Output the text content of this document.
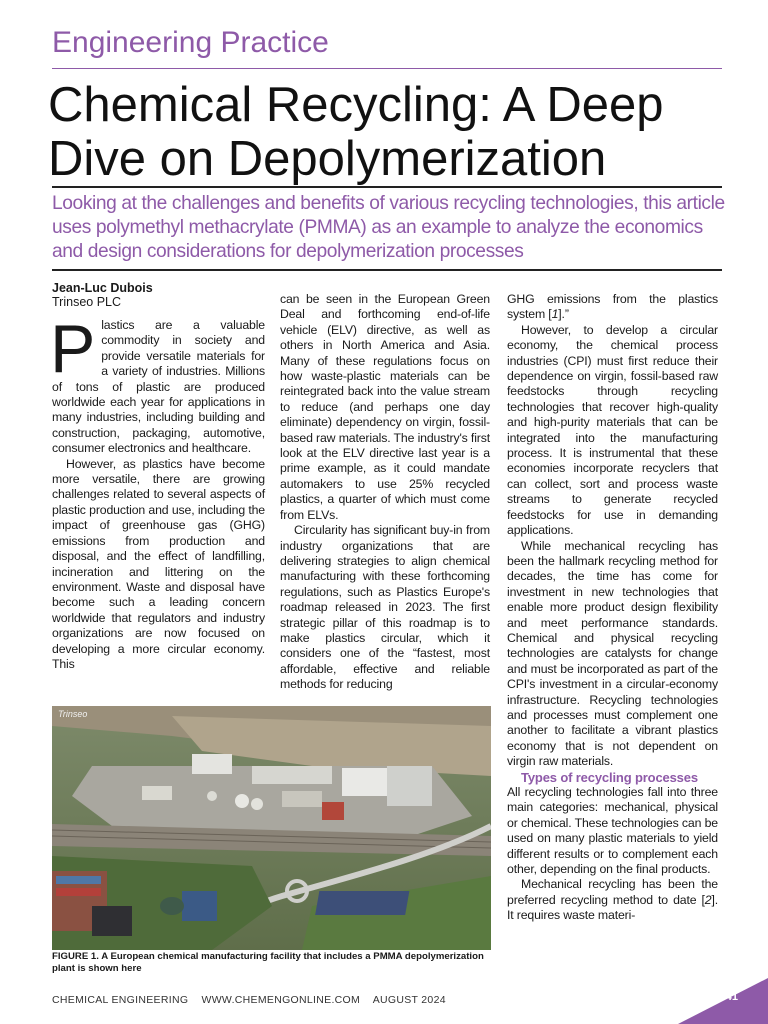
Engineering Practice
Chemical Recycling: A Deep Dive on Depolymerization
Looking at the challenges and benefits of various recycling technologies, this article uses polymethyl methacrylate (PMMA) as an example to analyze the economics and design considerations for depolymerization processes
Jean-Luc Dubois
Trinseo PLC

Plastics are a valuable commodity in society and provide versatile materials for a variety of industries. Millions of tons of plastic are produced worldwide each year for applications in many industries, including building and construction, packaging, automotive, consumer electronics and healthcare.

However, as plastics have become more versatile, there are growing challenges related to several aspects of plastic production and use, including the impact of greenhouse gas (GHG) emissions from production and disposal, and the effect of landfilling, incineration and littering on the environment. Waste and disposal have become such a leading concern worldwide that regulators and industry organizations are now focused on developing a more circular economy. This

can be seen in the European Green Deal and forthcoming end-of-life vehicle (ELV) directive, as well as others in North America and Asia. Many of these regulations focus on how waste-plastic materials can be reintegrated back into the value stream to reduce (and perhaps one day eliminate) dependency on virgin, fossil-based raw materials. The industry's first look at the ELV directive last year is a prime example, as it could mandate automakers to use 25% recycled plastics, a quarter of which must come from ELVs.

Circularity has significant buy-in from industry organizations that are delivering strategies to align chemical manufacturing with these forthcoming regulations, such as Plastics Europe's roadmap released in 2023. The first strategic pillar of this roadmap is to make plastics circular, which it considers one of the “fastest, most affordable, effective and reliable methods for reducing

GHG emissions from the plastics system [1].”

However, to develop a circular economy, the chemical process industries (CPI) must first reduce their dependence on virgin, fossil-based raw feedstocks through recycling technologies that recover high-quality and high-purity materials that can be integrated into the manufacturing process. It is instrumental that these economies incorporate recyclers that can collect, sort and process waste streams to generate recycled feedstocks for use in demanding applications.

While mechanical recycling has been the hallmark recycling method for decades, the time has come for investment in new technologies that enable more product design flexibility and meet performance standards. Chemical and physical recycling technologies are catalysts for change and must be incorporated as part of the CPI's investment in a circular-economy infrastructure. Recycling technologies and processes must complement one another to facilitate a vibrant plastics economy that is not dependent on virgin raw materials.

Types of recycling processes

All recycling technologies fall into three main categories: mechanical, physical or chemical. These technologies can be used on many plastic materials to yield different results or to complement each other, depending on the final products.

Mechanical recycling has been the preferred recycling method to date [2]. It requires waste materi-

Trinseo
FIGURE 1. A European chemical manufacturing facility that includes a PMMA depolymerization plant is shown here
CHEMICAL ENGINEERING WWW.CHEMENGONLINE.COM AUGUST 2024	41
